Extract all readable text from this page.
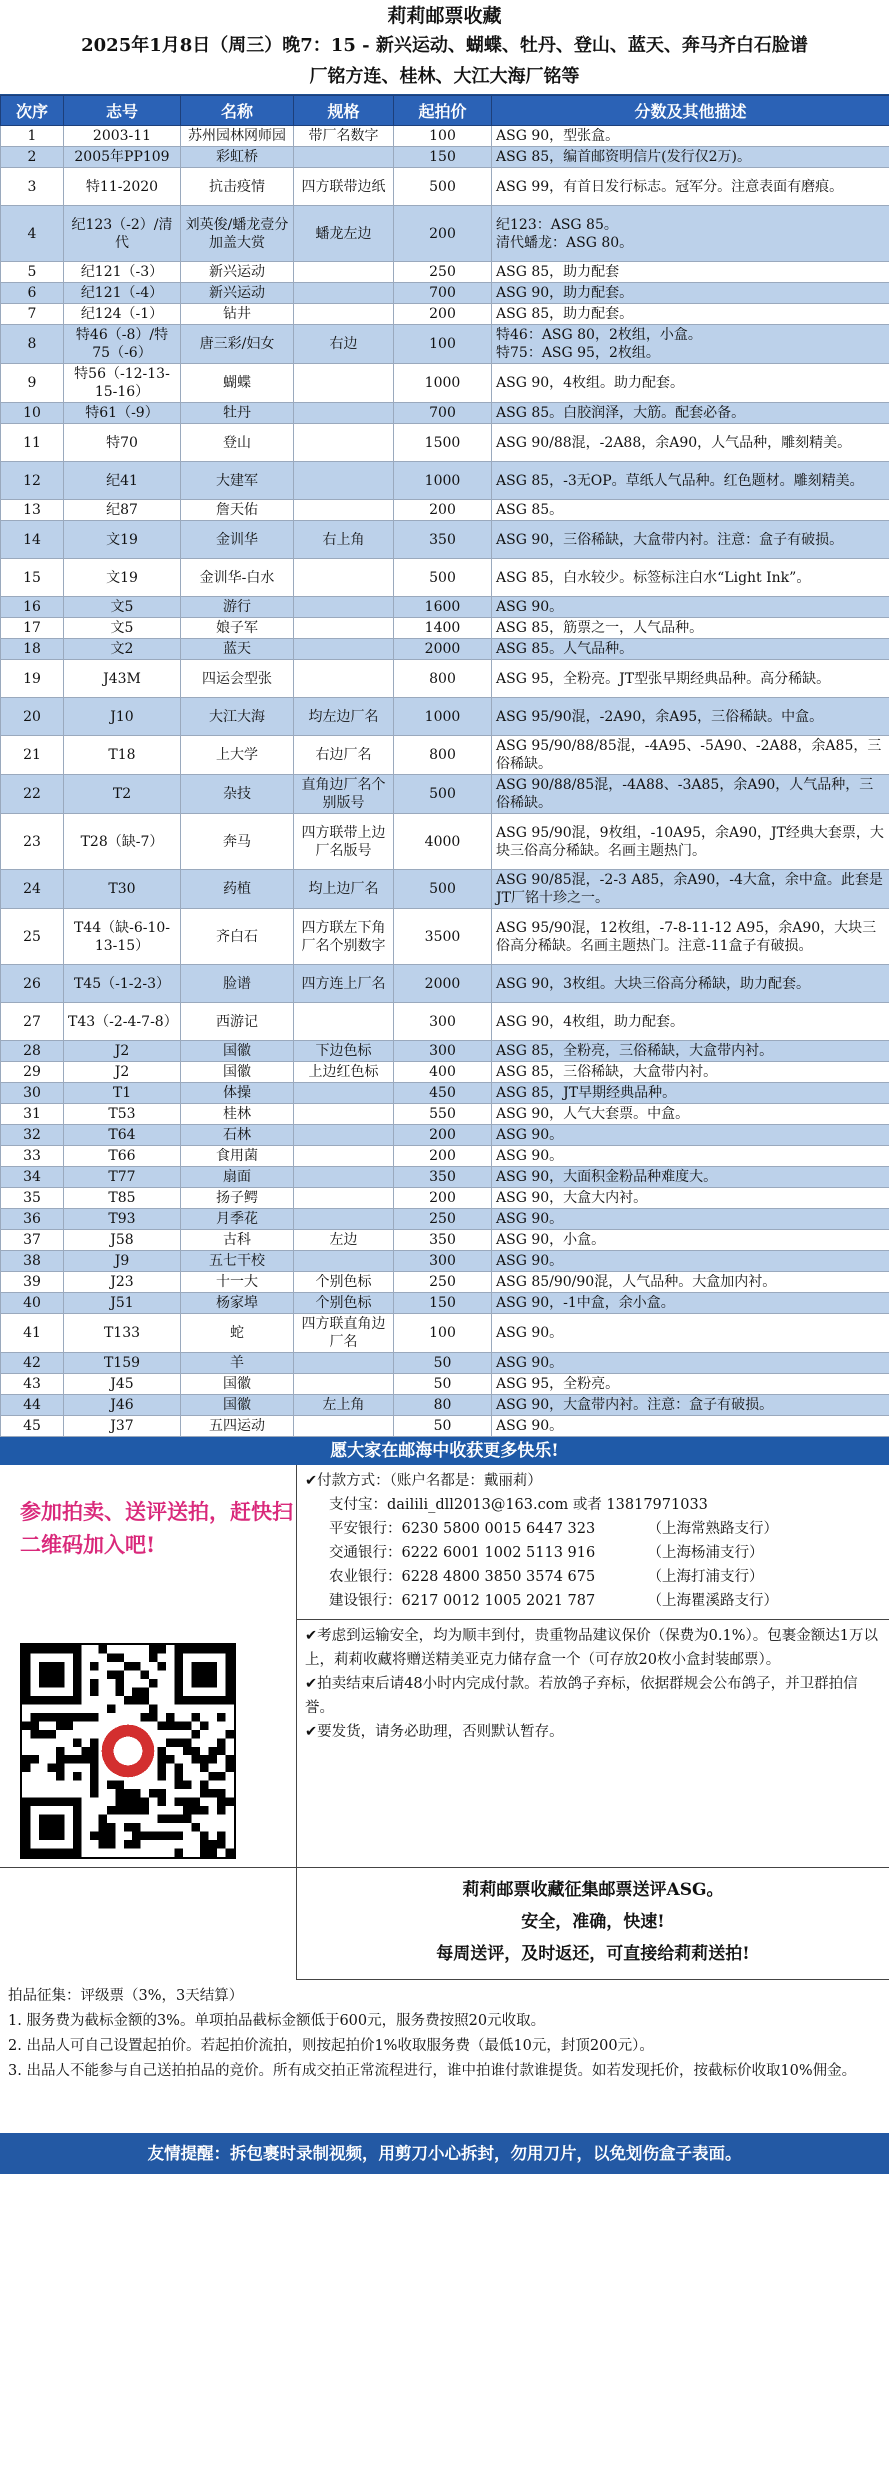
莉莉邮票收藏
2025年1月8日（周三）晚7：15 - 新兴运动、蝴蝶、牡丹、登山、蓝天、奔马齐白石脸谱
厂铭方连、桂林、大江大海厂铭等
次序	志号	名称	规格	起拍价	分数及其他描述
1	2003-11	苏州园林网师园	带厂名数字	100	ASG 90，型张盒。
2	2005年PP109	彩虹桥		150	ASG 85，编首邮资明信片(发行仅2万)。
3	特11-2020	抗击疫情	四方联带边纸	500	ASG 99，有首日发行标志。冠军分。注意表面有磨痕。
4	纪123（-2）/清代	刘英俊/蟠龙壹分加盖大赏	蟠龙左边	200	纪123：ASG 85。
清代蟠龙：ASG 80。
5	纪121（-3）	新兴运动		250	ASG 85，助力配套
6	纪121（-4）	新兴运动		700	ASG 90，助力配套。
7	纪124（-1）	钻井		200	ASG 85，助力配套。
8	特46（-8）/特75（-6）	唐三彩/妇女	右边	100	特46：ASG 80，2枚组，小盒。
特75：ASG 95，2枚组。
9	特56（-12-13-15-16）	蝴蝶		1000	ASG 90，4枚组。助力配套。
10	特61（-9）	牡丹		700	ASG 85。白胶润泽，大筋。配套必备。
11	特70	登山		1500	ASG 90/88混，-2A88，余A90，人气品种，雕刻精美。
12	纪41	大建军		1000	ASG 85，-3无OP。草纸人气品种。红色题材。雕刻精美。
13	纪87	詹天佑		200	ASG 85。
14	文19	金训华	右上角	350	ASG 90，三俗稀缺，大盒带内衬。注意：盒子有破损。
15	文19	金训华-白水		500	ASG 85，白水较少。标签标注白水“Light Ink”。
16	文5	游行		1600	ASG 90。
17	文5	娘子军		1400	ASG 85，筋票之一，人气品种。
18	文2	蓝天		2000	ASG 85。人气品种。
19	J43M	四运会型张		800	ASG 95，全粉亮。JT型张早期经典品种。高分稀缺。
20	J10	大江大海	均左边厂名	1000	ASG 95/90混，-2A90，余A95，三俗稀缺。中盒。
21	T18	上大学	右边厂名	800	ASG 95/90/88/85混，-4A95、-5A90、-2A88，余A85，三俗稀缺。
22	T2	杂技	直角边厂名个别版号	500	ASG 90/88/85混，-4A88、-3A85，余A90，人气品种，三俗稀缺。
23	T28（缺-7）	奔马	四方联带上边厂名版号	4000	ASG 95/90混，9枚组，-10A95，余A90，JT经典大套票，大块三俗高分稀缺。名画主题热门。
24	T30	药植	均上边厂名	500	ASG 90/85混，-2-3 A85，余A90，-4大盒，余中盒。此套是JT厂铭十珍之一。
25	T44（缺-6-10-13-15）	齐白石	四方联左下角厂名个别数字	3500	ASG 95/90混，12枚组，-7-8-11-12 A95，余A90，大块三俗高分稀缺。名画主题热门。注意-11盒子有破损。
26	T45（-1-2-3）	脸谱	四方连上厂名	2000	ASG 90，3枚组。大块三俗高分稀缺，助力配套。
27	T43（-2-4-7-8）	西游记		300	ASG 90，4枚组，助力配套。
28	J2	国徽	下边色标	300	ASG 85，全粉亮，三俗稀缺，大盒带内衬。
29	J2	国徽	上边红色标	400	ASG 85，三俗稀缺，大盒带内衬。
30	T1	体操		450	ASG 85，JT早期经典品种。
31	T53	桂林		550	ASG 90，人气大套票。中盒。
32	T64	石林		200	ASG 90。
33	T66	食用菌		200	ASG 90。
34	T77	扇面		350	ASG 90，大面积金粉品种难度大。
35	T85	扬子鳄		200	ASG 90，大盒大内衬。
36	T93	月季花		250	ASG 90。
37	J58	古科	左边	350	ASG 90，小盒。
38	J9	五七干校		300	ASG 90。
39	J23	十一大	个别色标	250	ASG 85/90/90混，人气品种。大盒加内衬。
40	J51	杨家埠	个别色标	150	ASG 90，-1中盒，余小盒。
41	T133	蛇	四方联直角边厂名	100	ASG 90。
42	T159	羊		50	ASG 90。
43	J45	国徽		50	ASG 95，全粉亮。
44	J46	国徽	左上角	80	ASG 90，大盒带内衬。注意：盒子有破损。
45	J37	五四运动		50	ASG 90。
愿大家在邮海中收获更多快乐!
参加拍卖、送评送拍，赶快扫二维码加入吧!
✔付款方式：（账户名都是：戴丽莉）
支付宝：dailili_dll2013@163.com 或者 13817971033
平安银行：6230 5800 0015 6447 323	（上海常熟路支行）
交通银行：6222 6001 1002 5113 916	（上海杨浦支行）
农业银行：6228 4800 3850 3574 675	（上海打浦支行）
建设银行：6217 0012 1005 2021 787	（上海瞿溪路支行）
✔考虑到运输安全，均为顺丰到付，贵重物品建议保价（保费为0.1%）。包裹金额达1万以上，莉莉收藏将赠送精美亚克力储存盒一个（可存放20枚小盒封装邮票）。
✔拍卖结束后请48小时内完成付款。若放鸽子弃标，依据群规会公布鸽子，并卫群拍信誉。
✔要发货，请务必助理，否则默认暂存。
莉莉邮票收藏征集邮票送评ASG。
安全，准确，快速!
每周送评，及时返还，可直接给莉莉送拍!
拍品征集：评级票（3%，3天结算）
1. 服务费为截标金额的3%。单项拍品截标金额低于600元，服务费按照20元收取。
2. 出品人可自己设置起拍价。若起拍价流拍，则按起拍价1%收取服务费（最低10元，封顶200元）。
3. 出品人不能参与自己送拍拍品的竞价。所有成交拍正常流程进行，谁中拍谁付款谁提货。如若发现托价，按截标价收取10%佣金。
友情提醒：拆包裹时录制视频，用剪刀小心拆封，勿用刀片，以免划伤盒子表面。
